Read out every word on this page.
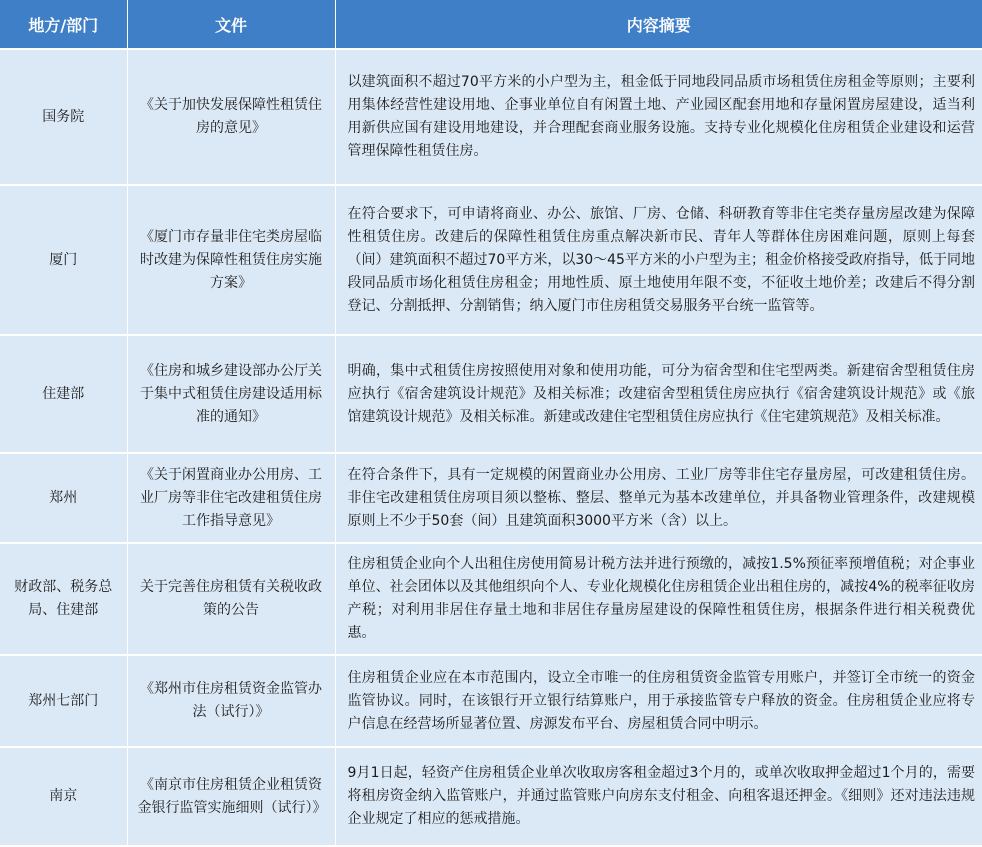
地方/部门	文件	内容摘要
国务院	《关于加快发展保障性租赁住房的意见》	以建筑面积不超过70平方米的小户型为主，租金低于同地段同品质市场租赁住房租金等原则；主要利用集体经营性建设用地、企事业单位自有闲置土地、产业园区配套用地和存量闲置房屋建设，适当利用新供应国有建设用地建设，并合理配套商业服务设施。支持专业化规模化住房租赁企业建设和运营管理保障性租赁住房。
厦门	《厦门市存量非住宅类房屋临时改建为保障性租赁住房实施方案》	在符合要求下，可申请将商业、办公、旅馆、厂房、仓储、科研教育等非住宅类存量房屋改建为保障性租赁住房。改建后的保障性租赁住房重点解决新市民、青年人等群体住房困难问题，原则上每套（间）建筑面积不超过70平方米，以30～45平方米的小户型为主；租金价格接受政府指导，低于同地段同品质市场化租赁住房租金；用地性质、原土地使用年限不变，不征收土地价差；改建后不得分割登记、分割抵押、分割销售；纳入厦门市住房租赁交易服务平台统一监管等。
住建部	《住房和城乡建设部办公厅关于集中式租赁住房建设适用标准的通知》	明确，集中式租赁住房按照使用对象和使用功能，可分为宿舍型和住宅型两类。新建宿舍型租赁住房应执行《宿舍建筑设计规范》及相关标准；改建宿舍型租赁住房应执行《宿舍建筑设计规范》或《旅馆建筑设计规范》及相关标准。新建或改建住宅型租赁住房应执行《住宅建筑规范》及相关标准。
郑州	《关于闲置商业办公用房、工业厂房等非住宅改建租赁住房工作指导意见》	在符合条件下，具有一定规模的闲置商业办公用房、工业厂房等非住宅存量房屋，可改建租赁住房。非住宅改建租赁住房项目须以整栋、整层、整单元为基本改建单位，并具备物业管理条件，改建规模原则上不少于50套（间）且建筑面积3000平方米（含）以上。
财政部、税务总局、住建部	关于完善住房租赁有关税收政策的公告	住房租赁企业向个人出租住房使用简易计税方法并进行预缴的，减按1.5%预征率预增值税；对企事业单位、社会团体以及其他组织向个人、专业化规模化住房租赁企业出租住房的，减按4%的税率征收房产税；对利用非居住存量土地和非居住存量房屋建设的保障性租赁住房，根据条件进行相关税费优惠。
郑州七部门	《郑州市住房租赁资金监管办法（试行）》	住房租赁企业应在本市范围内，设立全市唯一的住房租赁资金监管专用账户，并签订全市统一的资金监管协议。同时，在该银行开立银行结算账户，用于承接监管专户释放的资金。住房租赁企业应将专户信息在经营场所显著位置、房源发布平台、房屋租赁合同中明示。
南京	《南京市住房租赁企业租赁资金银行监管实施细则（试行）》	9月1日起，轻资产住房租赁企业单次收取房客租金超过3个月的，或单次收取押金超过1个月的，需要将租房资金纳入监管账户，并通过监管账户向房东支付租金、向租客退还押金。《细则》还对违法违规企业规定了相应的惩戒措施。
